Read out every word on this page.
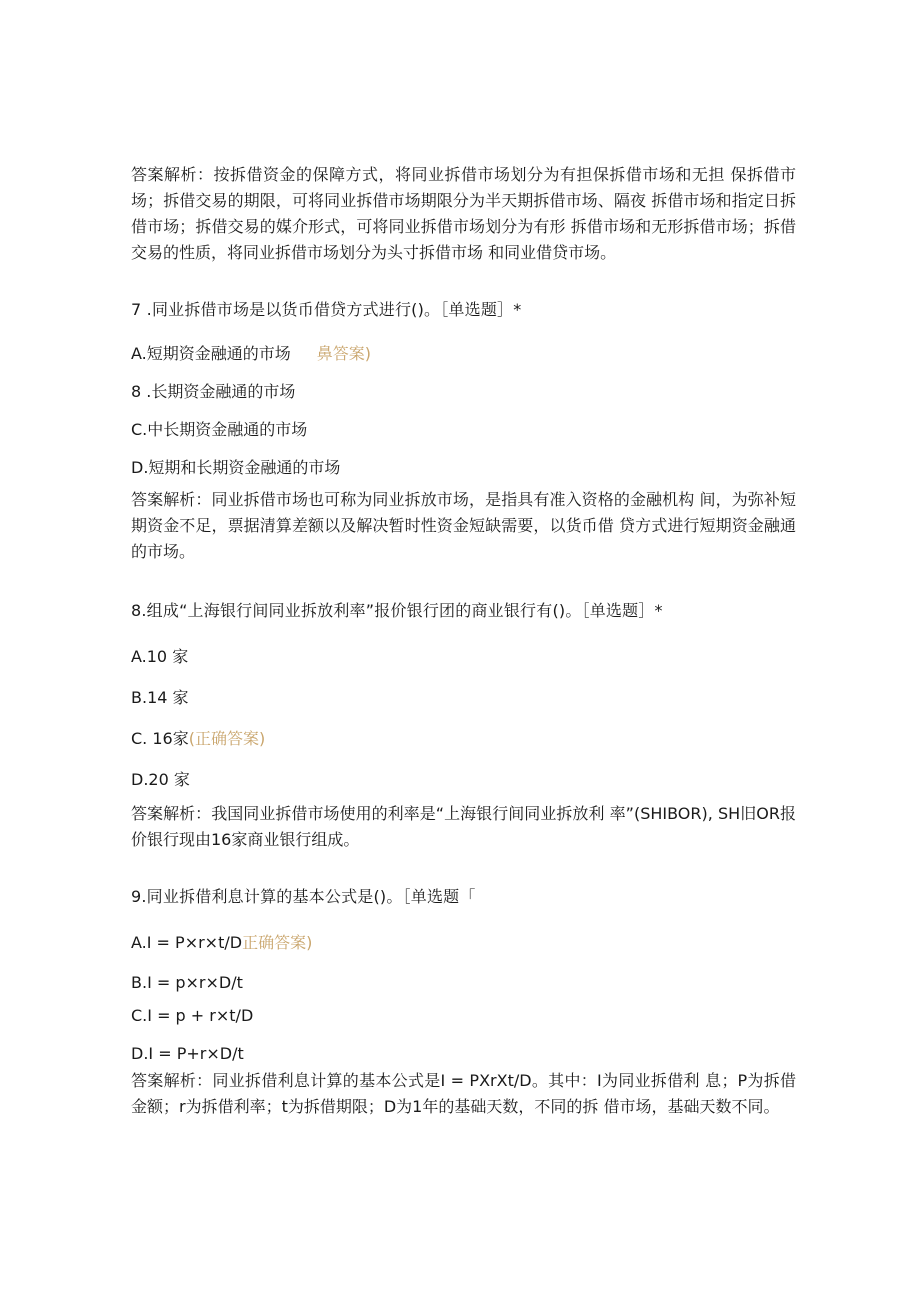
答案解析：按拆借资金的保障方式，将同业拆借市场划分为有担保拆借市场和无担 保拆借市场；拆借交易的期限，可将同业拆借市场期限分为半天期拆借市场、隔夜 拆借市场和指定日拆借市场；拆借交易的媒介形式，可将同业拆借市场划分为有形 拆借市场和无形拆借市场；拆借交易的性质，将同业拆借市场划分为头寸拆借市场 和同业借贷市场。

7 .同业拆借市场是以货币借贷方式进行()。［单选题］*

A.短期资金融通的市场 鼻答案)

8 .长期资金融通的市场

C.中长期资金融通的市场

D.短期和长期资金融通的市场

答案解析：同业拆借市场也可称为同业拆放市场，是指具有准入资格的金融机构 间，为弥补短期资金不足，票据清算差额以及解决暂时性资金短缺需要，以货币借 贷方式进行短期资金融通的市场。

8.组成“上海银行间同业拆放利率”报价银行团的商业银行有()。［单选题］*

A.10 家

B.14 家

C. 16家(正确答案)

D.20 家

答案解析：我国同业拆借市场使用的利率是“上海银行间同业拆放利 率”(SHIBOR), SH旧OR报价银行现由16家商业银行组成。

9.同业拆借利息计算的基本公式是()。［单选题「

A.I = P×r×t/D正确答案)

B.I = p×r×D/t

C.I = p + r×t/D

D.I = P+r×D/t

答案解析：同业拆借利息计算的基本公式是I = PXrXt/D。其中：I为同业拆借利 息；P为拆借金额；r为拆借利率；t为拆借期限；D为1年的基础天数，不同的拆 借市场，基础天数不同。
